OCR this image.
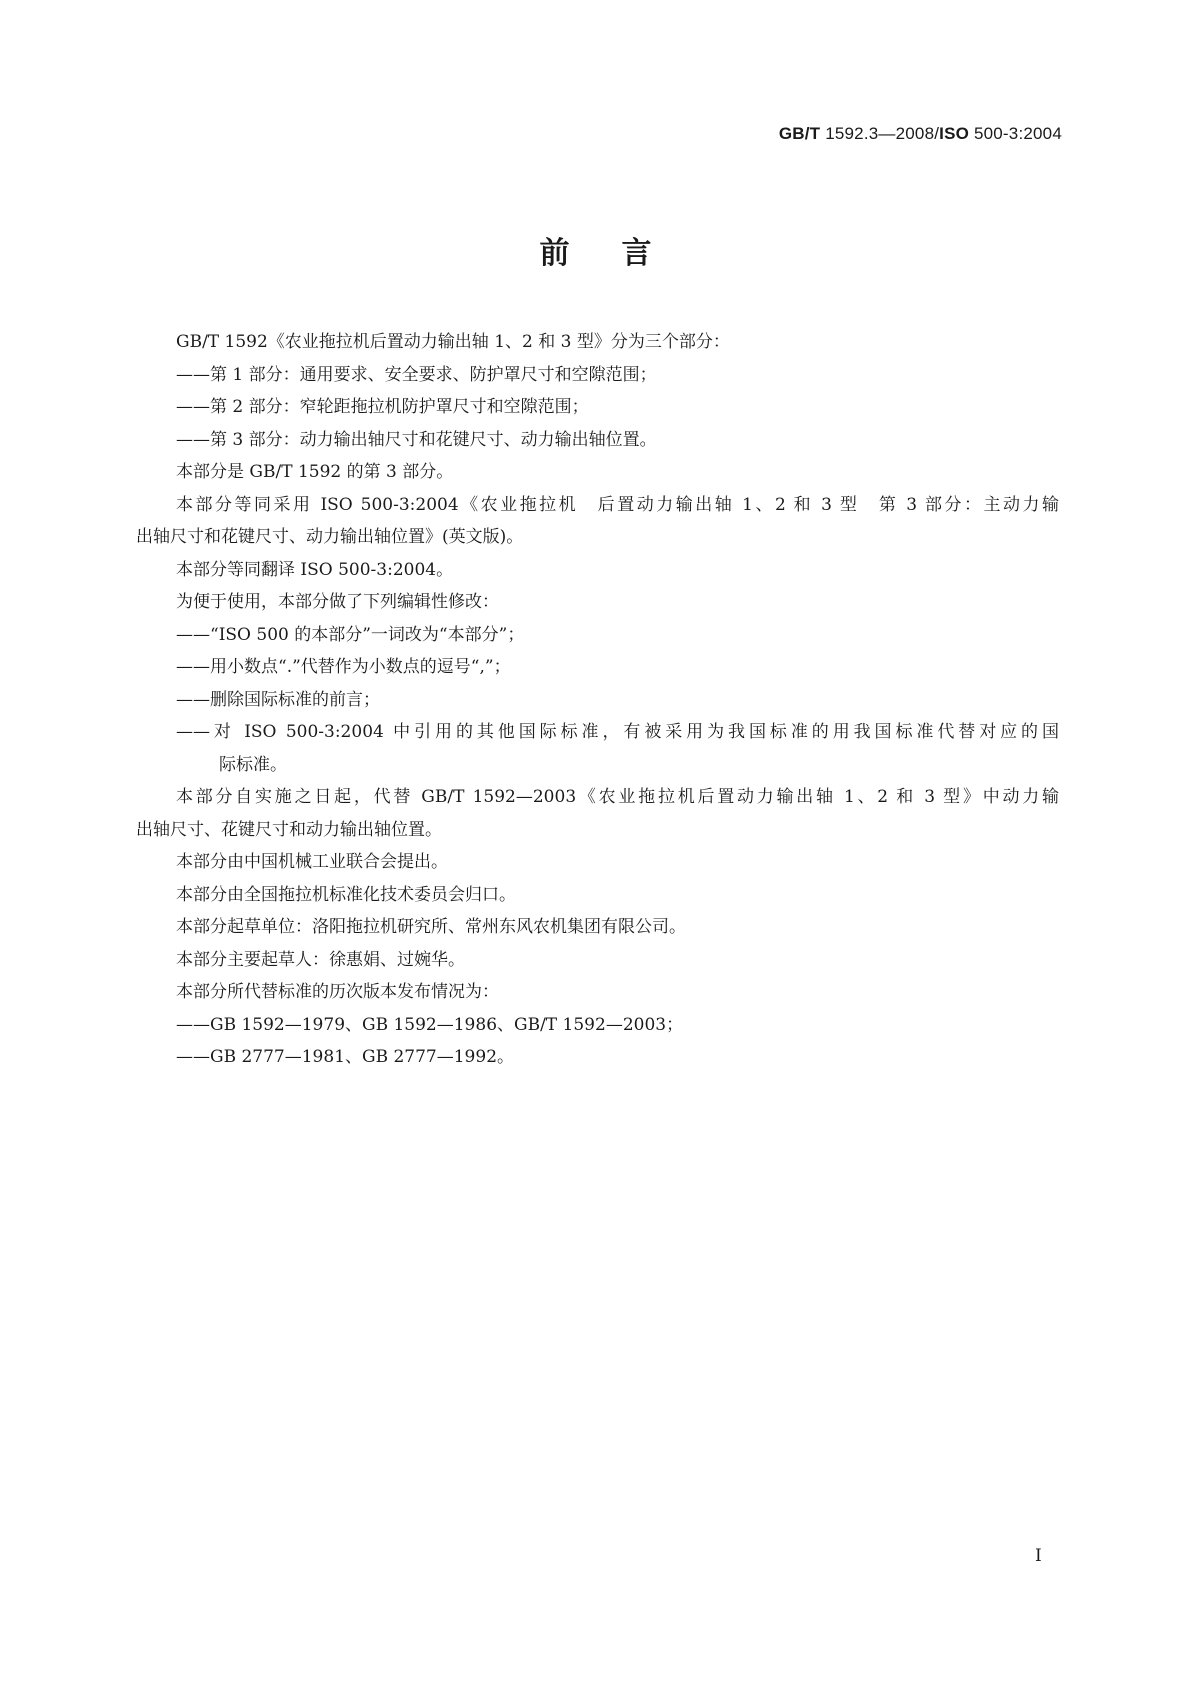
GB/T 1592.3—2008/ISO 500-3:2004
前言
GB/T 1592《农业拖拉机后置动力输出轴 1、2 和 3 型》分为三个部分：
——第 1 部分：通用要求、安全要求、防护罩尺寸和空隙范围；
——第 2 部分：窄轮距拖拉机防护罩尺寸和空隙范围；
——第 3 部分：动力输出轴尺寸和花键尺寸、动力输出轴位置。
本部分是 GB/T 1592 的第 3 部分。
本部分等同采用 ISO 500-3:2004《农业拖拉机　后置动力输出轴 1、2 和 3 型　第 3 部分：主动力输
出轴尺寸和花键尺寸、动力输出轴位置》(英文版)。
本部分等同翻译 ISO 500-3:2004。
为便于使用，本部分做了下列编辑性修改：
——“ISO 500 的本部分”一词改为“本部分”；
——用小数点“.”代替作为小数点的逗号“,”；
——删除国际标准的前言；
——对 ISO 500-3:2004 中引用的其他国际标准，有被采用为我国标准的用我国标准代替对应的国
际标准。
本部分自实施之日起，代替 GB/T 1592—2003《农业拖拉机后置动力输出轴 1、2 和 3 型》中动力输
出轴尺寸、花键尺寸和动力输出轴位置。
本部分由中国机械工业联合会提出。
本部分由全国拖拉机标准化技术委员会归口。
本部分起草单位：洛阳拖拉机研究所、常州东风农机集团有限公司。
本部分主要起草人：徐惠娟、过婉华。
本部分所代替标准的历次版本发布情况为：
——GB 1592—1979、GB 1592—1986、GB/T 1592—2003；
——GB 2777—1981、GB 2777—1992。
I
